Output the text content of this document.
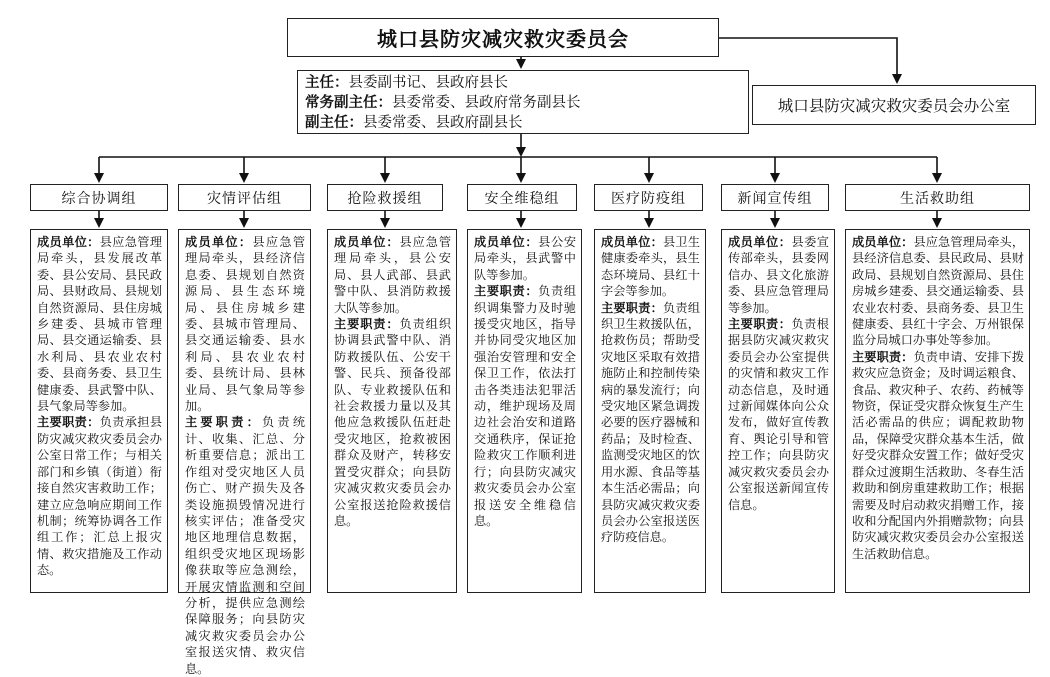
城口县防灾减灾救灾委员会
主任：县委副书记、县政府县长
常务副主任：县委常委、县政府常务副县长
副主任：县委常委、县政府副县长
城口县防灾减灾救灾委员会办公室
综合协调组	灾情评估组	抢险救援组	安全维稳组	医疗防疫组	新闻宣传组	生活救助组

成员单位：县应急管理局牵头，县发展改革委、县公安局、县民政局、县财政局、县规划自然资源局、县住房城乡建委、县城市管理局、县交通运输委、县水利局、县农业农村委、县商务委、县卫生健康委、县武警中队、县气象局等参加。

主要职责：负责承担县防灾减灾救灾委员会办公室日常工作；与相关部门和乡镇（街道）衔接自然灾害救助工作；建立应急响应期间工作机制；统筹协调各工作组工作；汇总上报灾情、救灾措施及工作动态。

成员单位：县应急管理局牵头，县经济信息委、县规划自然资源局、县生态环境局、县住房城乡建委、县城市管理局、县交通运输委、县水利局、县农业农村委、县统计局、县林业局、县气象局等参加。

主要职责：负责统计、收集、汇总、分析重要信息；派出工作组对受灾地区人员伤亡、财产损失及各类设施损毁情况进行核实评估；准备受灾地区地理信息数据，组织受灾地区现场影像获取等应急测绘，开展灾情监测和空间分析，提供应急测绘保障服务；向县防灾减灾救灾委员会办公室报送灾情、救灾信息。

成员单位：县应急管理局牵头，县公安局、县人武部、县武警中队、县消防救援大队等参加。

主要职责：负责组织协调县武警中队、消防救援队伍、公安干警、民兵、预备役部队、专业救援队伍和社会救援力量以及其他应急救援队伍赶赴受灾地区，抢救被困群众及财产，转移安置受灾群众；向县防灾减灾救灾委员会办公室报送抢险救援信息。

成员单位：县公安局牵头，县武警中队等参加。

主要职责：负责组织调集警力及时驰援受灾地区，指导并协同受灾地区加强治安管理和安全保卫工作，依法打击各类违法犯罪活动，维护现场及周边社会治安和道路交通秩序，保证抢险救灾工作顺利进行；向县防灾减灾救灾委员会办公室报送安全维稳信息。

成员单位：县卫生健康委牵头，县生态环境局、县红十字会等参加。

主要职责：负责组织卫生救援队伍，抢救伤员；帮助受灾地区采取有效措施防止和控制传染病的暴发流行；向受灾地区紧急调拨必要的医疗器械和药品；及时检查、监测受灾地区的饮用水源、食品等基本生活必需品；向县防灾减灾救灾委员会办公室报送医疗防疫信息。

成员单位：县委宣传部牵头，县委网信办、县文化旅游委、县应急管理局等参加。

主要职责：负责根据县防灾减灾救灾委员会办公室提供的灾情和救灾工作动态信息，及时通过新闻媒体向公众发布，做好宣传教育、舆论引导和管控工作；向县防灾减灾救灾委员会办公室报送新闻宣传信息。

成员单位：县应急管理局牵头，县经济信息委、县民政局、县财政局、县规划自然资源局、县住房城乡建委、县交通运输委、县农业农村委、县商务委、县卫生健康委、县红十字会、万州银保监分局城口办事处等参加。

主要职责：负责申请、安排下拨救灾应急资金；及时调运粮食、食品、救灾种子、农药、药械等物资，保证受灾群众恢复生产生活必需品的供应；调配救助物品，保障受灾群众基本生活，做好受灾群众安置工作；做好受灾群众过渡期生活救助、冬春生活救助和倒房重建救助工作；根据需要及时启动救灾捐赠工作，接收和分配国内外捐赠款物；向县防灾减灾救灾委员会办公室报送生活救助信息。
